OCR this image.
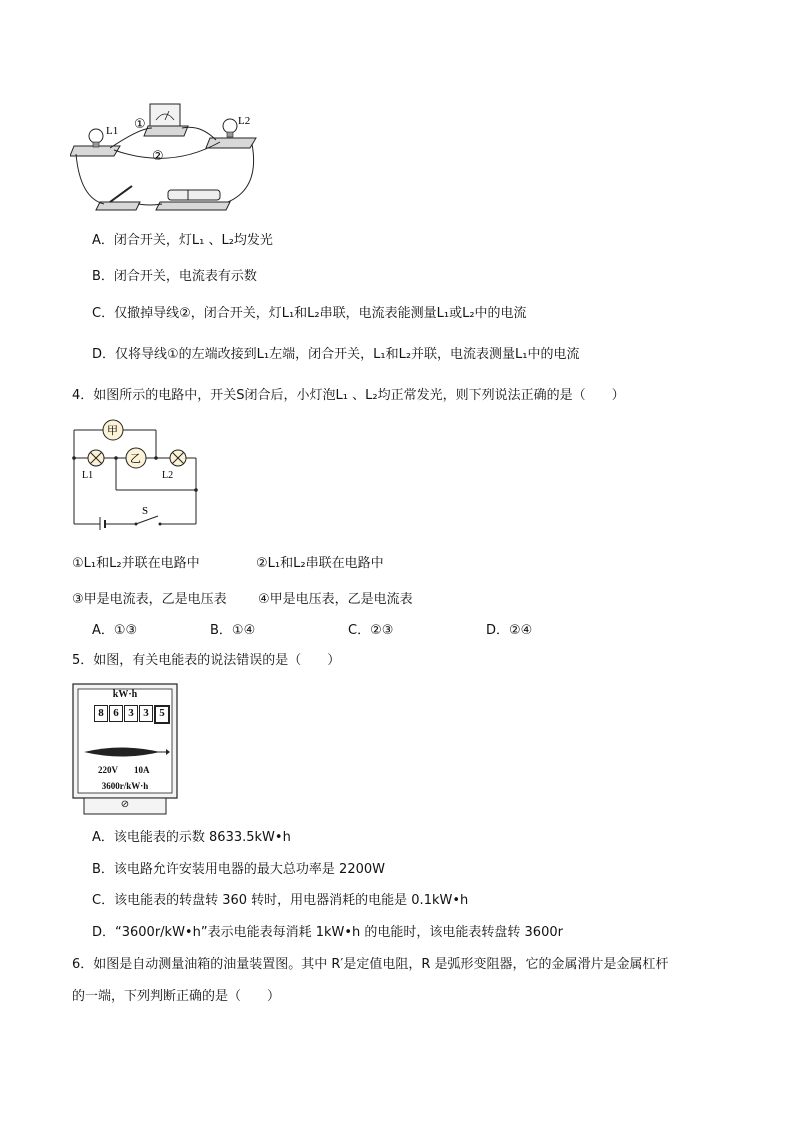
L1
L2
①
②
A．闭合开关，灯L₁ 、L₂均发光
B．闭合开关，电流表有示数
C．仅撤掉导线②，闭合开关，灯L₁和L₂串联，电流表能测量L₁或L₂中的电流
D．仅将导线①的左端改接到L₁左端，闭合开关，L₁和L₂并联，电流表测量L₁中的电流
4．如图所示的电路中，开关S闭合后，小灯泡L₁ 、L₂均正常发光，则下列说法正确的是（　　）
甲
乙
L1	L2
S
①L₁和L₂并联在电路中	②L₁和L₂串联在电路中
③甲是电流表，乙是电压表 ④甲是电压表，乙是电流表
A．①③	B．①④	C．②③	D．②④
5．如图，有关电能表的说法错误的是（　　）
kW·h
8 6 3 3 5
220V 10A
3600r/kW·h
⊘
A．该电能表的示数 8633.5kW•h
B．该电路允许安装用电器的最大总功率是 2200W
C．该电能表的转盘转 360 转时，用电器消耗的电能是 0.1kW•h
D．“3600r/kW•h”表示电能表每消耗 1kW•h 的电能时，该电能表转盘转 3600r
6．如图是自动测量油箱的油量装置图。其中 R′是定值电阻，R 是弧形变阻器，它的金属滑片是金属杠杆
的一端，下列判断正确的是（　　）
